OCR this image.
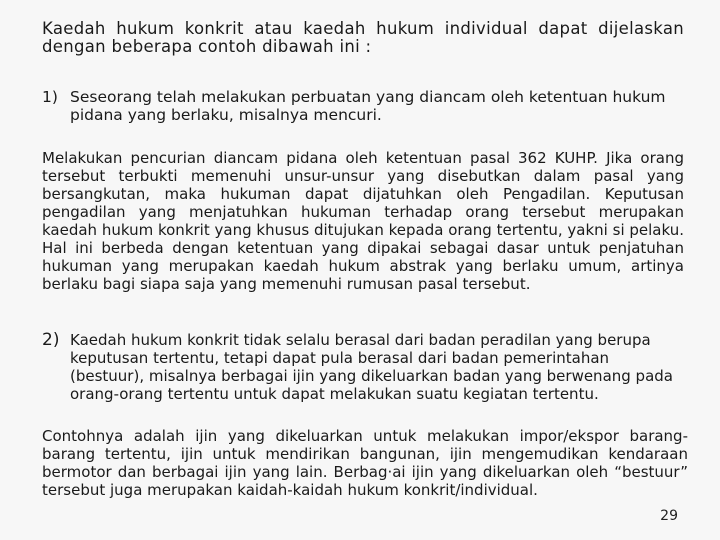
Kaedah hukum konkrit atau kaedah hukum individual dapat dijelaskan dengan beberapa contoh dibawah ini :
1) Seseorang telah melakukan perbuatan yang diancam oleh ketentuan hukum pidana yang berlaku, misalnya mencuri.
Melakukan pencurian diancam pidana oleh ketentuan pasal 362 KUHP. Jika orang tersebut terbukti memenuhi unsur-unsur yang disebutkan dalam pasal yang bersangkutan, maka hukuman dapat dijatuhkan oleh Pengadilan. Keputusan pengadilan yang menjatuhkan hukuman terhadap orang tersebut merupakan kaedah hukum konkrit yang khusus ditujukan kepada orang tertentu, yakni si pelaku. Hal ini berbeda dengan ketentuan yang dipakai sebagai dasar untuk penjatuhan hukuman yang merupakan kaedah hukum abstrak yang berlaku umum, artinya berlaku bagi siapa saja yang memenuhi rumusan pasal tersebut.
2) Kaedah hukum konkrit tidak selalu berasal dari badan peradilan yang berupa keputusan tertentu, tetapi dapat pula berasal dari badan pemerintahan (bestuur), misalnya berbagai ijin yang dikeluarkan badan yang berwenang pada orang-orang tertentu untuk dapat melakukan suatu kegiatan tertentu.
Contohnya adalah ijin yang dikeluarkan untuk melakukan impor/ekspor barang-barang tertentu, ijin untuk mendirikan bangunan, ijin mengemudikan kendaraan bermotor dan berbagai ijin yang lain. Berbag·ai ijin yang dikeluarkan oleh “bestuur” tersebut juga merupakan kaidah-kaidah hukum konkrit/individual.
29
